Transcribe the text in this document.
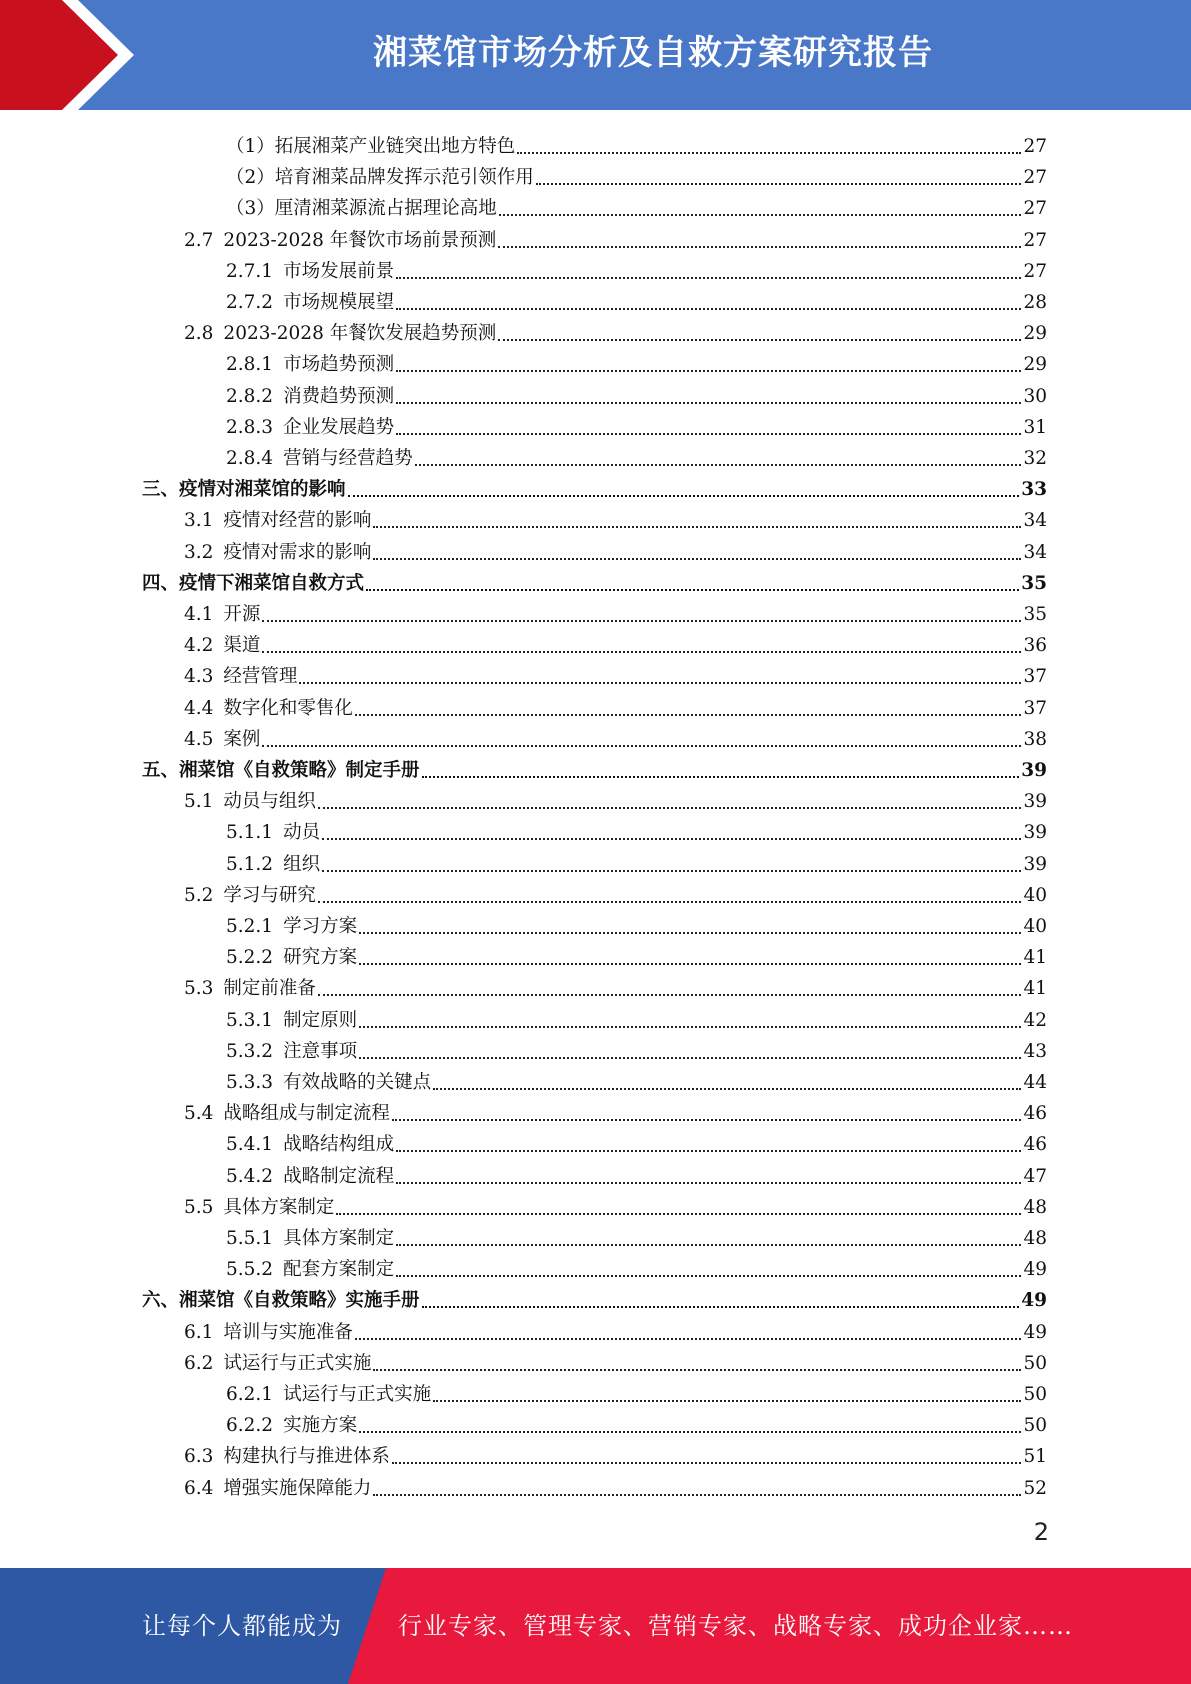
湘菜馆市场分析及自救方案研究报告
（1）拓展湘菜产业链突出地方特色	27
（2）培育湘菜品牌发挥示范引领作用	27
（3）厘清湘菜源流占据理论高地	27
2.7 2023-2028 年餐饮市场前景预测	27
2.7.1 市场发展前景	27
2.7.2 市场规模展望	28
2.8 2023-2028 年餐饮发展趋势预测	29
2.8.1 市场趋势预测	29
2.8.2 消费趋势预测	30
2.8.3 企业发展趋势	31
2.8.4 营销与经营趋势	32
三、疫情对湘菜馆的影响	33
3.1 疫情对经营的影响	34
3.2 疫情对需求的影响	34
四、疫情下湘菜馆自救方式	35
4.1 开源	35
4.2 渠道	36
4.3 经营管理	37
4.4 数字化和零售化	37
4.5 案例	38
五、湘菜馆《自救策略》制定手册	39
5.1 动员与组织	39
5.1.1 动员	39
5.1.2 组织	39
5.2 学习与研究	40
5.2.1 学习方案	40
5.2.2 研究方案	41
5.3 制定前准备	41
5.3.1 制定原则	42
5.3.2 注意事项	43
5.3.3 有效战略的关键点	44
5.4 战略组成与制定流程	46
5.4.1 战略结构组成	46
5.4.2 战略制定流程	47
5.5 具体方案制定	48
5.5.1 具体方案制定	48
5.5.2 配套方案制定	49
六、湘菜馆《自救策略》实施手册	49
6.1 培训与实施准备	49
6.2 试运行与正式实施	50
6.2.1 试运行与正式实施	50
6.2.2 实施方案	50
6.3 构建执行与推进体系	51
6.4 增强实施保障能力	52
2
让每个人都能成为 行业专家、管理专家、营销专家、战略专家、成功企业家……
